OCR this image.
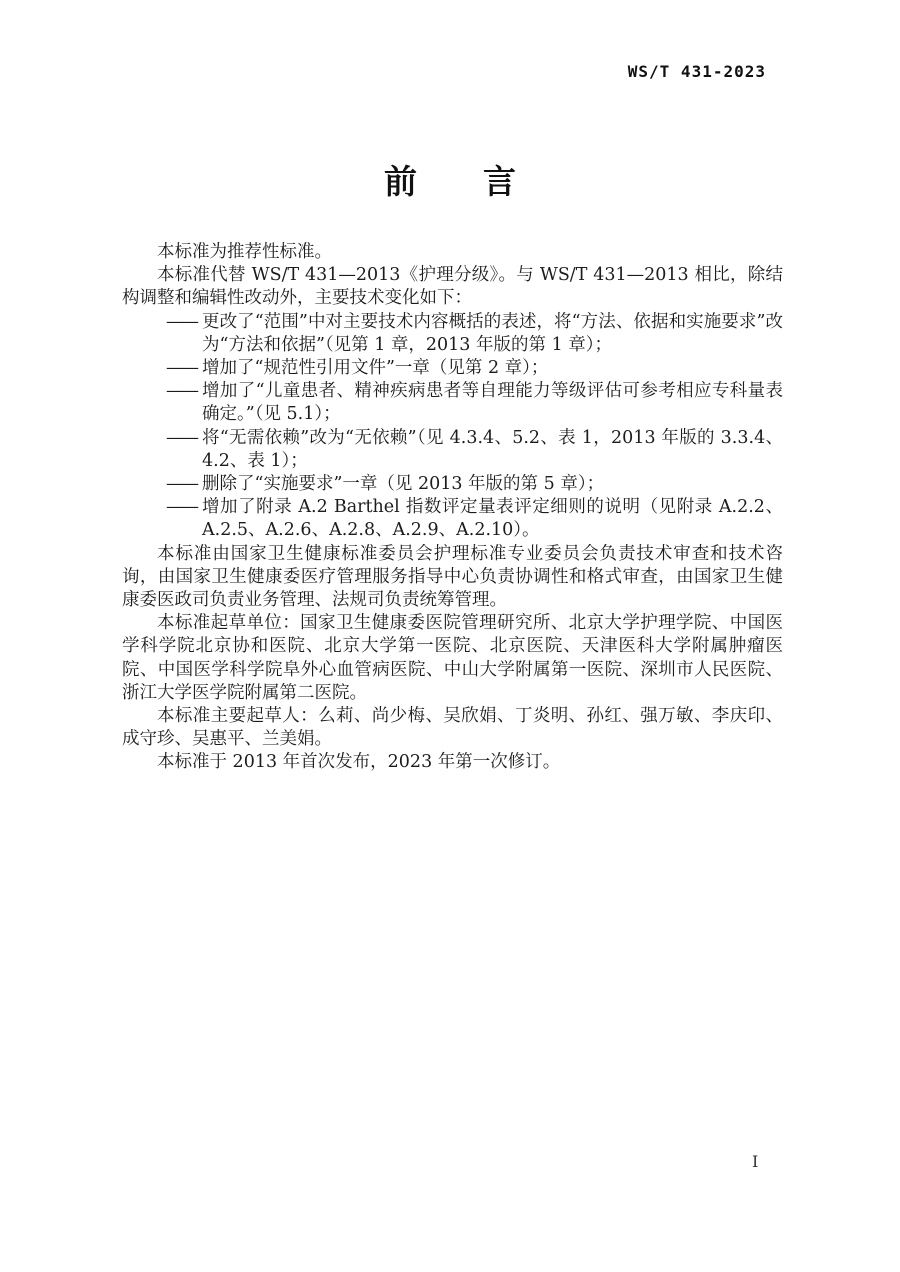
WS/T 431-2023
前　　言

本标准为推荐性标准。

本标准代替 WS/T 431—2013《护理分级》。与 WS/T 431—2013 相比，除结构调整和编辑性改动外，主要技术变化如下：

—— 更改了“范围”中对主要技术内容概括的表述，将“方法、依据和实施要求”改为“方法和依据”（见第 1 章，2013 年版的第 1 章）；
—— 增加了“规范性引用文件”一章（见第 2 章）；
—— 增加了“儿童患者、精神疾病患者等自理能力等级评估可参考相应专科量表确定。”（见 5.1）；
—— 将“无需依赖”改为“无依赖”（见 4.3.4、5.2、表 1，2013 年版的 3.3.4、4.2、表 1）；
—— 删除了“实施要求”一章（见 2013 年版的第 5 章）；
—— 增加了附录 A.2 Barthel 指数评定量表评定细则的说明（见附录 A.2.2、A.2.5、A.2.6、A.2.8、A.2.9、A.2.10）。

本标准由国家卫生健康标准委员会护理标准专业委员会负责技术审查和技术咨询，由国家卫生健康委医疗管理服务指导中心负责协调性和格式审查，由国家卫生健康委医政司负责业务管理、法规司负责统筹管理。

本标准起草单位：国家卫生健康委医院管理研究所、北京大学护理学院、中国医学科学院北京协和医院、北京大学第一医院、北京医院、天津医科大学附属肿瘤医院、中国医学科学院阜外心血管病医院、中山大学附属第一医院、深圳市人民医院、浙江大学医学院附属第二医院。

本标准主要起草人：么莉、尚少梅、吴欣娟、丁炎明、孙红、强万敏、李庆印、成守珍、吴惠平、兰美娟。

本标准于 2013 年首次发布，2023 年第一次修订。

I
